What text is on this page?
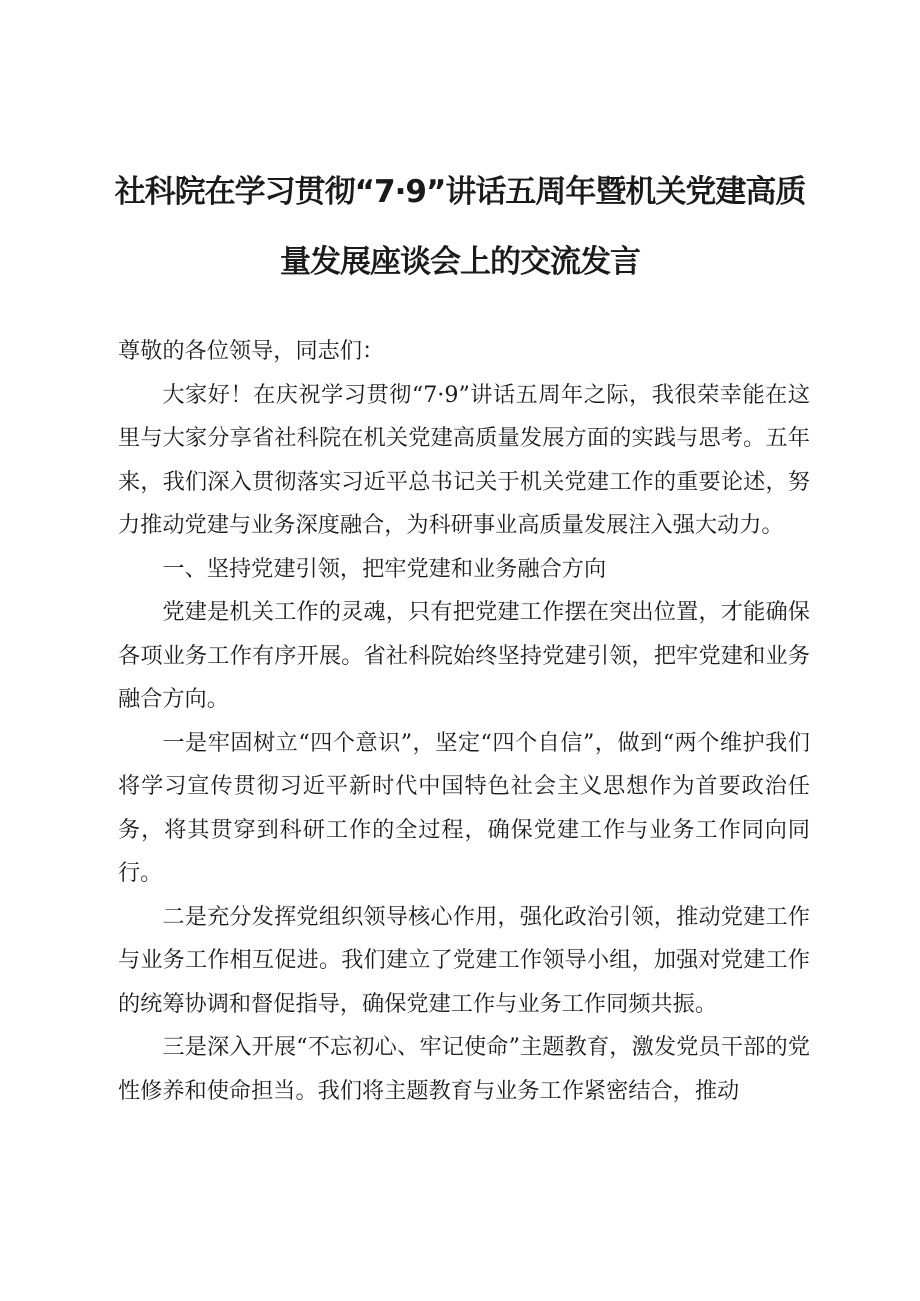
社科院在学习贯彻“7·9”讲话五周年暨机关党建高质
量发展座谈会上的交流发言

尊敬的各位领导，同志们：

大家好！在庆祝学习贯彻“7·9”讲话五周年之际，我很荣幸能在这里与大家分享省社科院在机关党建高质量发展方面的实践与思考。五年来，我们深入贯彻落实习近平总书记关于机关党建工作的重要论述，努力推动党建与业务深度融合，为科研事业高质量发展注入强大动力。

一、坚持党建引领，把牢党建和业务融合方向

党建是机关工作的灵魂，只有把党建工作摆在突出位置，才能确保各项业务工作有序开展。省社科院始终坚持党建引领，把牢党建和业务融合方向。

一是牢固树立“四个意识”，坚定“四个自信”，做到“两个维护我们将学习宣传贯彻习近平新时代中国特色社会主义思想作为首要政治任务，将其贯穿到科研工作的全过程，确保党建工作与业务工作同向同行。

二是充分发挥党组织领导核心作用，强化政治引领，推动党建工作与业务工作相互促进。我们建立了党建工作领导小组，加强对党建工作的统筹协调和督促指导，确保党建工作与业务工作同频共振。

三是深入开展“不忘初心、牢记使命”主题教育，激发党员干部的党性修养和使命担当。我们将主题教育与业务工作紧密结合，推动
